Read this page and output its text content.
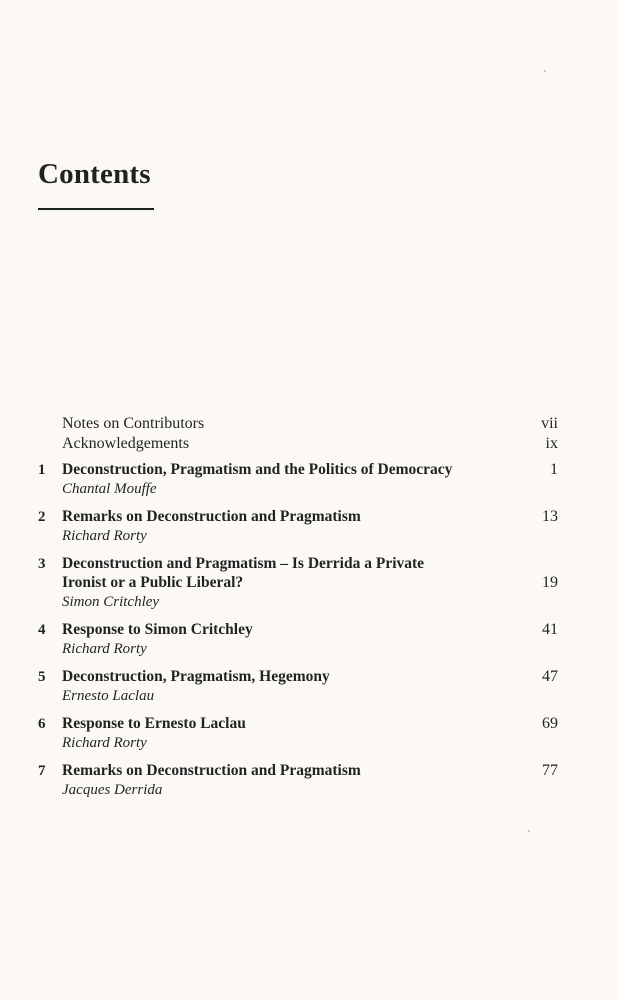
Contents
Notes on Contributors	vii
Acknowledgements	ix
1	Deconstruction, Pragmatism and the Politics of Democracy	1
Chantal Mouffe
2	Remarks on Deconstruction and Pragmatism	13
Richard Rorty
3	Deconstruction and Pragmatism – Is Derrida a Private
Ironist or a Public Liberal?	19
Simon Critchley
4	Response to Simon Critchley	41
Richard Rorty
5	Deconstruction, Pragmatism, Hegemony	47
Ernesto Laclau
6	Response to Ernesto Laclau	69
Richard Rorty
7	Remarks on Deconstruction and Pragmatism	77
Jacques Derrida
